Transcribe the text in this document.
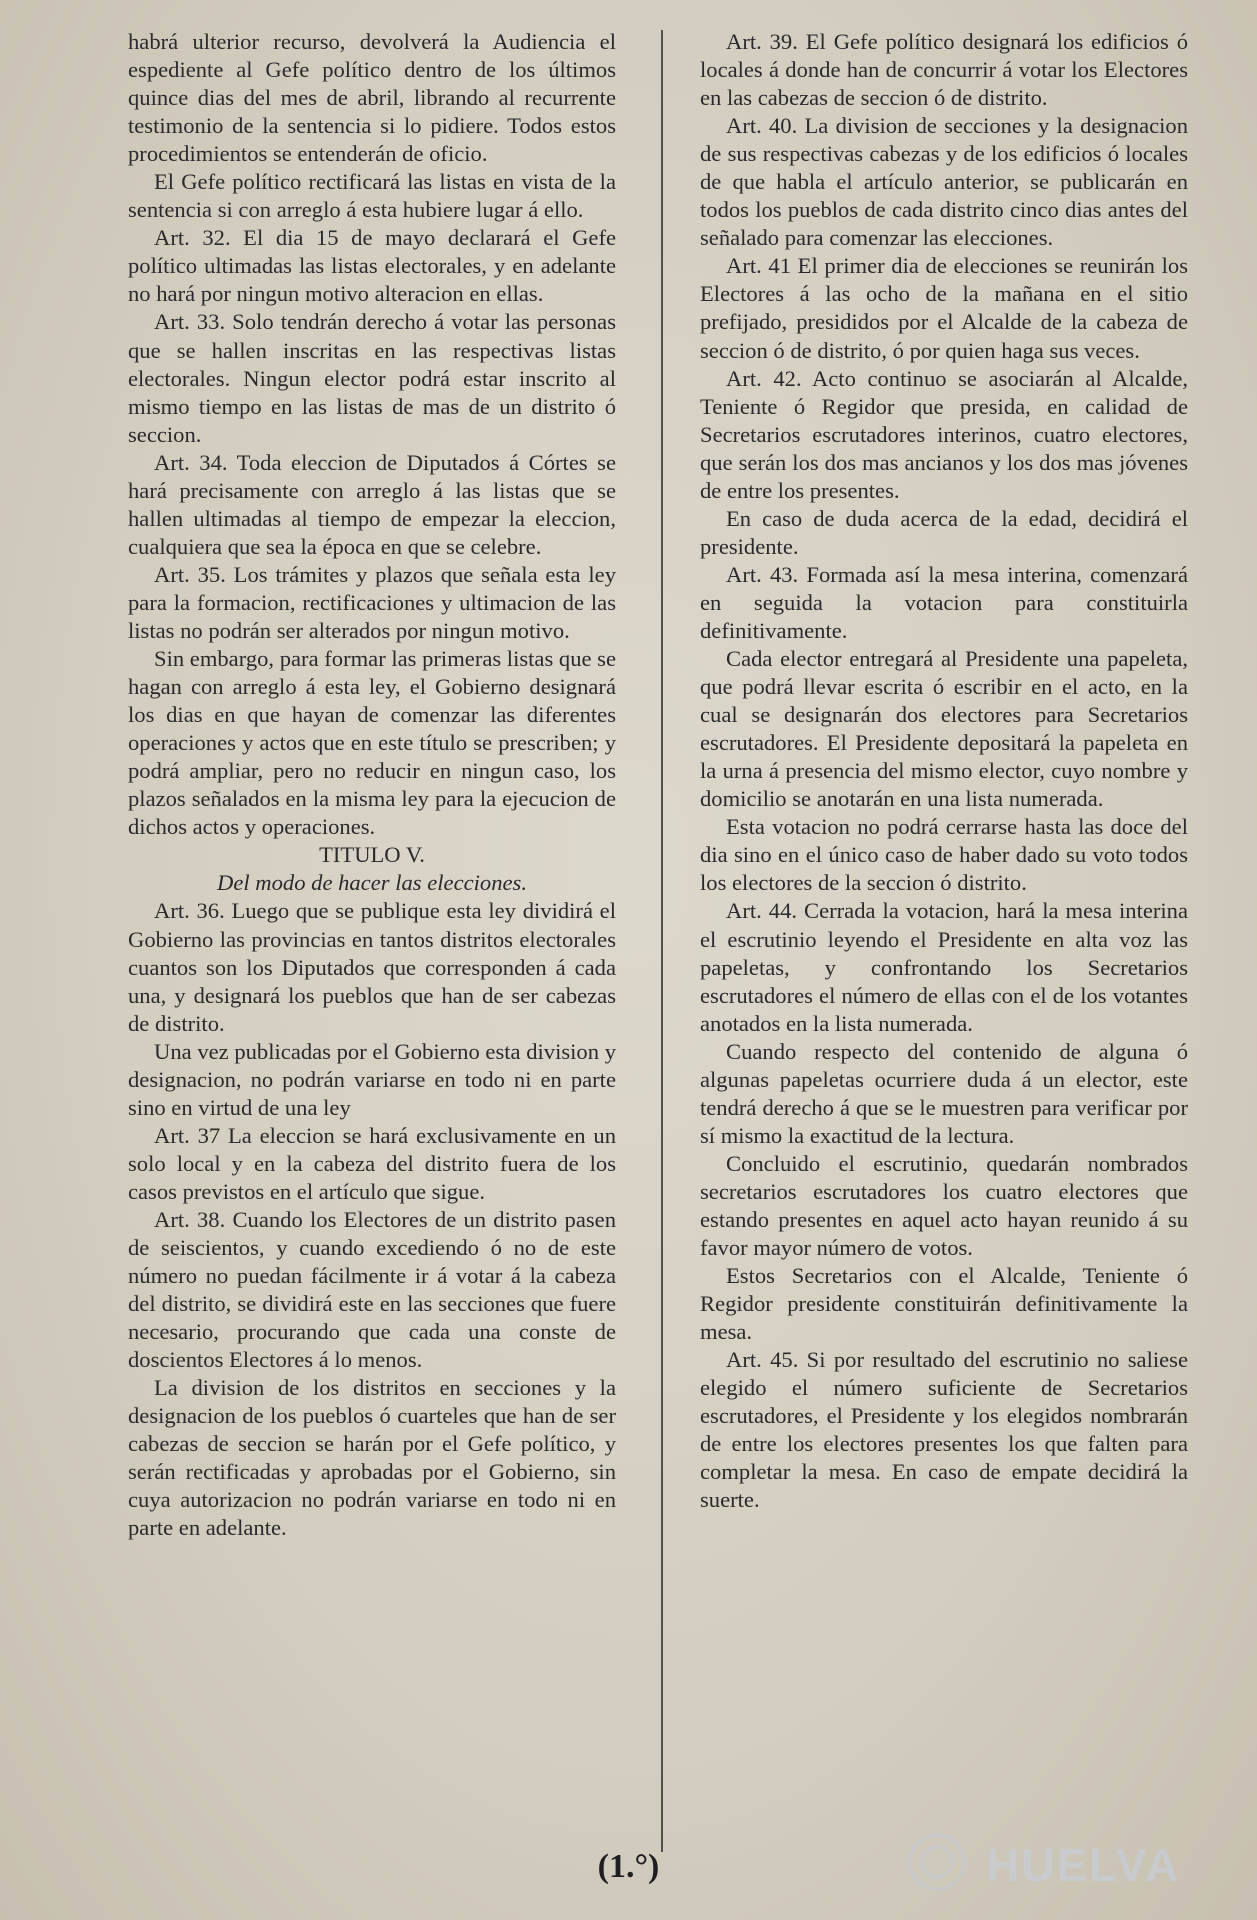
habrá ulterior recurso, devolverá la Audiencia el espediente al Gefe político dentro de los últimos quince dias del mes de abril, librando al recurrente testimonio de la sentencia si lo pidiere. Todos estos procedimientos se entenderán de oficio.

El Gefe político rectificará las listas en vista de la sentencia si con arreglo á esta hubiere lugar á ello.

Art. 32. El dia 15 de mayo declarará el Gefe político ultimadas las listas electorales, y en adelante no hará por ningun motivo alteracion en ellas.

Art. 33. Solo tendrán derecho á votar las personas que se hallen inscritas en las respectivas listas electorales. Ningun elector podrá estar inscrito al mismo tiempo en las listas de mas de un distrito ó seccion.

Art. 34. Toda eleccion de Diputados á Córtes se hará precisamente con arreglo á las listas que se hallen ultimadas al tiempo de empezar la eleccion, cualquiera que sea la época en que se celebre.

Art. 35. Los trámites y plazos que señala esta ley para la formacion, rectificaciones y ultimacion de las listas no podrán ser alterados por ningun motivo.

Sin embargo, para formar las primeras listas que se hagan con arreglo á esta ley, el Gobierno designará los dias en que hayan de comenzar las diferentes operaciones y actos que en este título se prescriben; y podrá ampliar, pero no reducir en ningun caso, los plazos señalados en la misma ley para la ejecucion de dichos actos y operaciones.

TITULO V.

Del modo de hacer las elecciones.

Art. 36. Luego que se publique esta ley dividirá el Gobierno las provincias en tantos distritos electorales cuantos son los Diputados que corresponden á cada una, y designará los pueblos que han de ser cabezas de distrito.

Una vez publicadas por el Gobierno esta division y designacion, no podrán variarse en todo ni en parte sino en virtud de una ley

Art. 37 La eleccion se hará exclusivamente en un solo local y en la cabeza del distrito fuera de los casos previstos en el artículo que sigue.

Art. 38. Cuando los Electores de un distrito pasen de seiscientos, y cuando excediendo ó no de este número no puedan fácilmente ir á votar á la cabeza del distrito, se dividirá este en las secciones que fuere necesario, procurando que cada una conste de doscientos Electores á lo menos.

La division de los distritos en secciones y la designacion de los pueblos ó cuarteles que han de ser cabezas de seccion se harán por el Gefe político, y serán rectificadas y aprobadas por el Gobierno, sin cuya autorizacion no podrán variarse en todo ni en parte en adelante.

Art. 39. El Gefe político designará los edificios ó locales á donde han de concurrir á votar los Electores en las cabezas de seccion ó de distrito.

Art. 40. La division de secciones y la designacion de sus respectivas cabezas y de los edificios ó locales de que habla el artículo anterior, se publicarán en todos los pueblos de cada distrito cinco dias antes del señalado para comenzar las elecciones.

Art. 41 El primer dia de elecciones se reunirán los Electores á las ocho de la mañana en el sitio prefijado, presididos por el Alcalde de la cabeza de seccion ó de distrito, ó por quien haga sus veces.

Art. 42. Acto continuo se asociarán al Alcalde, Teniente ó Regidor que presida, en calidad de Secretarios escrutadores interinos, cuatro electores, que serán los dos mas ancianos y los dos mas jóvenes de entre los presentes.

En caso de duda acerca de la edad, decidirá el presidente.

Art. 43. Formada así la mesa interina, comenzará en seguida la votacion para constituirla definitivamente.

Cada elector entregará al Presidente una papeleta, que podrá llevar escrita ó escribir en el acto, en la cual se designarán dos electores para Secretarios escrutadores. El Presidente depositará la papeleta en la urna á presencia del mismo elector, cuyo nombre y domicilio se anotarán en una lista numerada.

Esta votacion no podrá cerrarse hasta las doce del dia sino en el único caso de haber dado su voto todos los electores de la seccion ó distrito.

Art. 44. Cerrada la votacion, hará la mesa interina el escrutinio leyendo el Presidente en alta voz las papeletas, y confrontando los Secretarios escrutadores el número de ellas con el de los votantes anotados en la lista numerada.

Cuando respecto del contenido de alguna ó algunas papeletas ocurriere duda á un elector, este tendrá derecho á que se le muestren para verificar por sí mismo la exactitud de la lectura.

Concluido el escrutinio, quedarán nombrados secretarios escrutadores los cuatro electores que estando presentes en aquel acto hayan reunido á su favor mayor número de votos.

Estos Secretarios con el Alcalde, Teniente ó Regidor presidente constituirán definitivamente la mesa.

Art. 45. Si por resultado del escrutinio no saliese elegido el número suficiente de Secretarios escrutadores, el Presidente y los elegidos nombrarán de entre los electores presentes los que falten para completar la mesa. En caso de empate decidirá la suerte.

HUELVA
(1.°)
